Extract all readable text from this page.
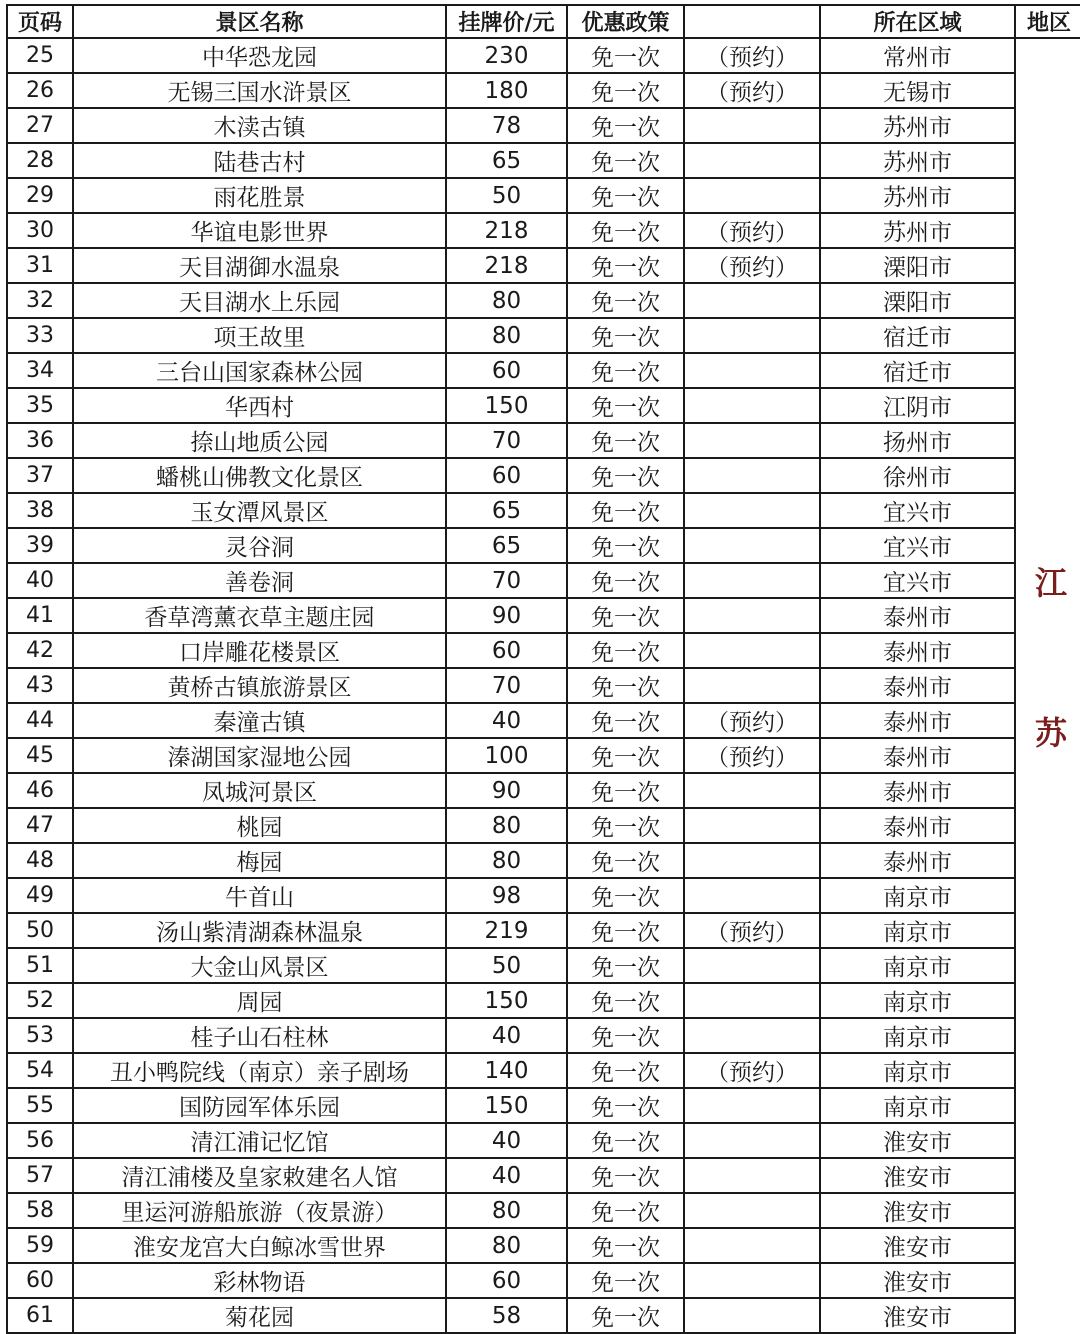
页码	景区名称	挂牌价/元	优惠政策		所在区域	地区
25	中华恐龙园	230	免一次	（预约）	常州市	江苏
26	无锡三国水浒景区	180	免一次	（预约）	无锡市	
27	木渎古镇	78	免一次		苏州市	
28	陆巷古村	65	免一次		苏州市	
29	雨花胜景	50	免一次		苏州市	
30	华谊电影世界	218	免一次	（预约）	苏州市	
31	天目湖御水温泉	218	免一次	（预约）	溧阳市	
32	天目湖水上乐园	80	免一次		溧阳市	
33	项王故里	80	免一次		宿迁市	
34	三台山国家森林公园	60	免一次		宿迁市	
35	华西村	150	免一次		江阴市	
36	捺山地质公园	70	免一次		扬州市	
37	蟠桃山佛教文化景区	60	免一次		徐州市	
38	玉女潭风景区	65	免一次		宜兴市	
39	灵谷洞	65	免一次		宜兴市	
40	善卷洞	70	免一次		宜兴市	
41	香草湾薰衣草主题庄园	90	免一次		泰州市	
42	口岸雕花楼景区	60	免一次		泰州市	
43	黄桥古镇旅游景区	70	免一次		泰州市	
44	秦潼古镇	40	免一次	（预约）	泰州市	
45	溱湖国家湿地公园	100	免一次	（预约）	泰州市	
46	凤城河景区	90	免一次		泰州市	
47	桃园	80	免一次		泰州市	
48	梅园	80	免一次		泰州市	
49	牛首山	98	免一次		南京市	
50	汤山紫清湖森林温泉	219	免一次	（预约）	南京市	
51	大金山风景区	50	免一次		南京市	
52	周园	150	免一次		南京市	
53	桂子山石柱林	40	免一次		南京市	
54	丑小鸭院线（南京）亲子剧场	140	免一次	（预约）	南京市	
55	国防园军体乐园	150	免一次		南京市	
56	清江浦记忆馆	40	免一次		淮安市	
57	清江浦楼及皇家敕建名人馆	40	免一次		淮安市	
58	里运河游船旅游（夜景游）	80	免一次		淮安市	
59	淮安龙宫大白鲸冰雪世界	80	免一次		淮安市	
60	彩林物语	60	免一次		淮安市	
61	菊花园	58	免一次		淮安市	
